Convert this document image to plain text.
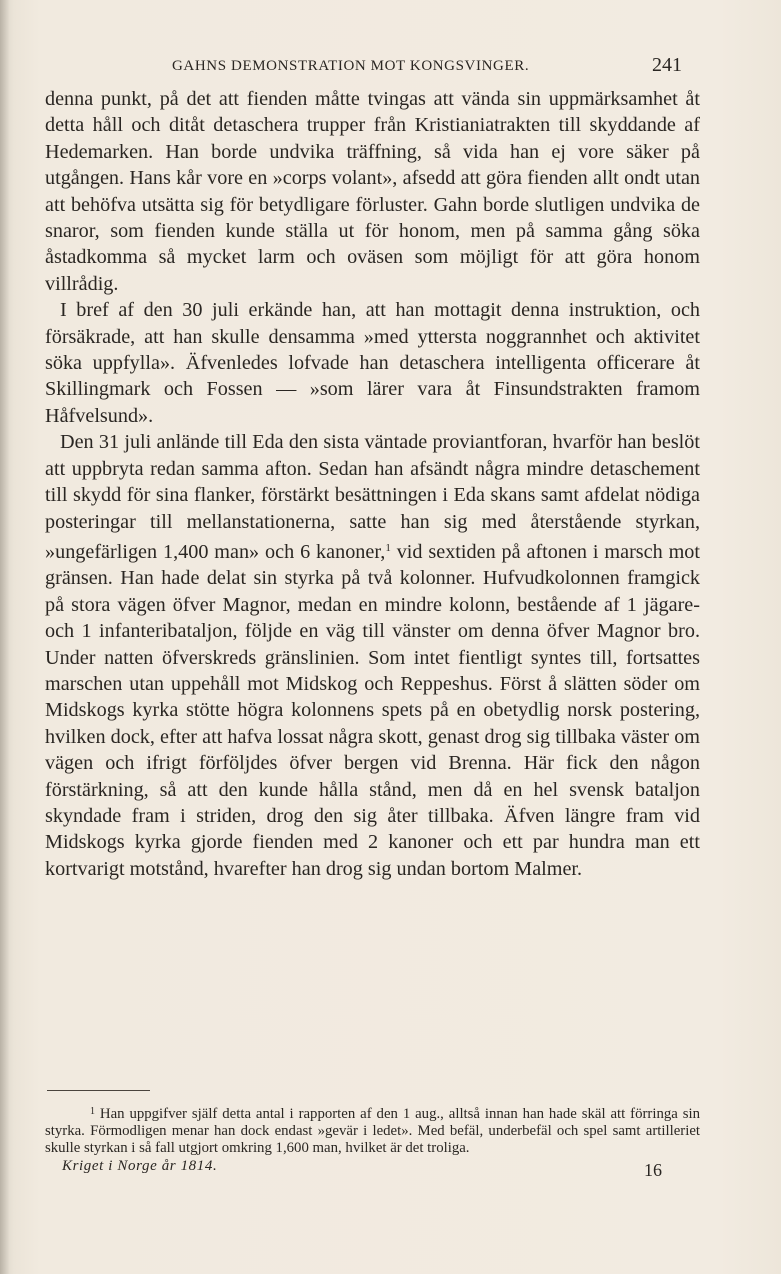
GAHNS DEMONSTRATION MOT KONGSVINGER.	241

denna punkt, på det att fienden måtte tvingas att vända sin uppmärksamhet åt detta håll och ditåt detaschera trupper från Kristianiatrakten till skyddande af Hedemarken. Han borde undvika träffning, så vida han ej vore säker på utgången. Hans kår vore en »corps volant», afsedd att göra fienden allt ondt utan att behöfva utsätta sig för betydligare förluster. Gahn borde slutligen undvika de snaror, som fienden kunde ställa ut för honom, men på samma gång söka åstadkomma så mycket larm och oväsen som möjligt för att göra honom villrådig.

I bref af den 30 juli erkände han, att han mottagit denna instruktion, och försäkrade, att han skulle densamma »med yttersta noggrannhet och aktivitet söka uppfylla». Äfvenledes lofvade han detaschera intelligenta officerare åt Skillingmark och Fossen — »som lärer vara åt Finsundstrakten framom Håfvelsund».

Den 31 juli anlände till Eda den sista väntade proviantforan, hvarför han beslöt att uppbryta redan samma afton. Sedan han afsändt några mindre detaschement till skydd för sina flanker, förstärkt besättningen i Eda skans samt afdelat nödiga posteringar till mellanstationerna, satte han sig med återstående styrkan, »ungefärligen 1,400 man» och 6 kanoner,$^1$ vid sextiden på aftonen i marsch mot gränsen. Han hade delat sin styrka på två kolonner. Hufvudkolonnen framgick på stora vägen öfver Magnor, medan en mindre kolonn, bestående af 1 jägare- och 1 infanteribataljon, följde en väg till vänster om denna öfver Magnor bro. Under natten öfverskreds gränslinien. Som intet fientligt syntes till, fortsattes marschen utan uppehåll mot Midskog och Reppeshus. Först å slätten söder om Midskogs kyrka stötte högra kolonnens spets på en obetydlig norsk postering, hvilken dock, efter att hafva lossat några skott, genast drog sig tillbaka väster om vägen och ifrigt förföljdes öfver bergen vid Brenna. Här fick den någon förstärkning, så att den kunde hålla stånd, men då en hel svensk bataljon skyndade fram i striden, drog den sig åter tillbaka. Äfven längre fram vid Midskogs kyrka gjorde fienden med 2 kanoner och ett par hundra man ett kortvarigt motstånd, hvarefter han drog sig undan bortom Malmer.

$^1$ Han uppgifver själf detta antal i rapporten af den 1 aug., alltså innan han hade skäl att förringa sin styrka. Förmodligen menar han dock endast »gevär i ledet». Med befäl, underbefäl och spel samt artilleriet skulle styrkan i så fall utgjort omkring 1,600 man, hvilket är det troliga.

Kriget i Norge år 1814.	16
